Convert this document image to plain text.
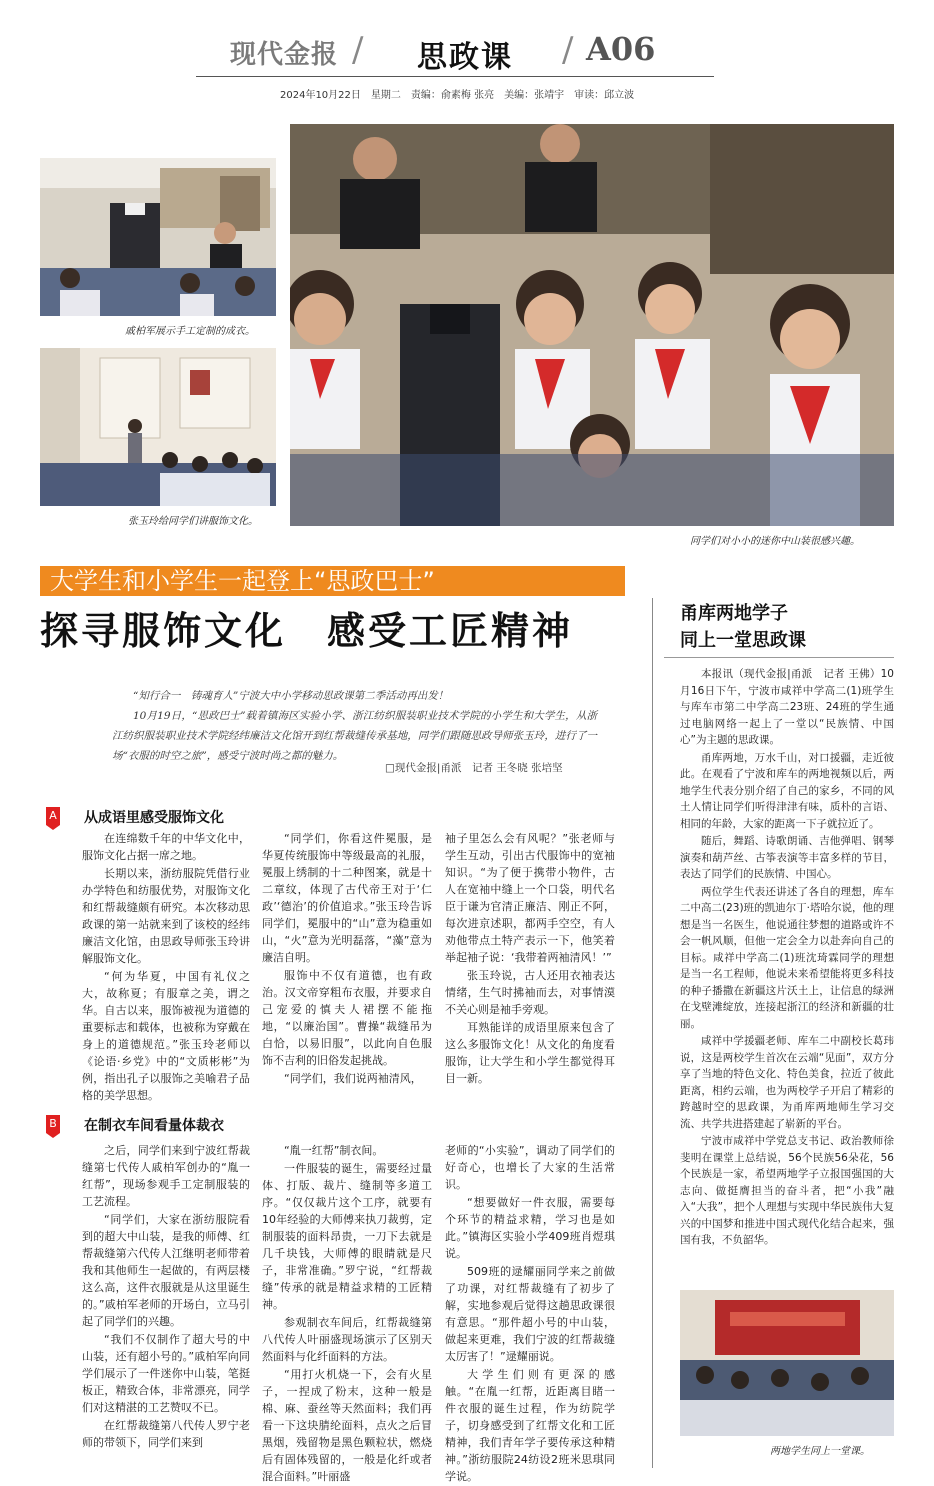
现代金报 / 思政课 / A06
2024年10月22日　星期二　责编：俞素梅 张亮　美编：张靖宇　审读：邱立波
戚柏军展示手工定制的成衣。
张玉玲给同学们讲服饰文化。
同学们对小小的迷你中山装很感兴趣。
大学生和小学生一起登上“思政巴士”
探寻服饰文化　感受工匠精神

“知行合一　铸魂育人”宁波大中小学移动思政课第二季活动再出发！

10月19日，“思政巴士”载着镇海区实验小学、浙江纺织服装职业技术学院的小学生和大学生，从浙江纺织服装职业技术学院经纬廉洁文化馆开到红帮裁缝传承基地，同学们跟随思政导师张玉玲，进行了一场“衣服的时空之旅”，感受宁波时尚之都的魅力。

□现代金报|甬派　记者 王冬晓 张培坚
A 从成语里感受服饰文化

在连绵数千年的中华文化中，服饰文化占据一席之地。

长期以来，浙纺服院凭借行业办学特色和纺服优势，对服饰文化和红帮裁缝颇有研究。本次移动思政课的第一站就来到了该校的经纬廉洁文化馆，由思政导师张玉玲讲解服饰文化。

“何为华夏，中国有礼仪之大，故称夏；有服章之美，谓之华。自古以来，服饰被视为道德的重要标志和载体，也被称为穿戴在身上的道德规范。”张玉玲老师以《论语·乡党》中的“文质彬彬”为例，指出孔子以服饰之美喻君子品格的美学思想。

“同学们，你看这件冕服，是华夏传统服饰中等级最高的礼服，冕服上绣制的十二种图案，就是十二章纹，体现了古代帝王对于‘仁政’‘德治’的价值追求。”张玉玲告诉同学们，冕服中的“山”意为稳重如山，“火”意为光明磊落，“藻”意为廉洁自明。

服饰中不仅有道德，也有政治。汉文帝穿粗布衣服，并要求自己宠爱的慎夫人裙摆不能拖地，“以廉治国”。曹操“裁缝吊为白恰，以易旧服”，以此向自色服饰不吉利的旧俗发起挑战。

“同学们，我们说两袖清风，

袖子里怎么会有风呢？”张老师与学生互动，引出古代服饰中的宽袖知识。“为了便于携带小物件，古人在宽袖中缝上一个口袋，明代名臣于谦为官清正廉洁、刚正不阿，每次进京述职，都两手空空，有人劝他带点土特产表示一下，他笑着举起袖子说：‘我带着两袖清风！’”

张玉玲说，古人还用衣袖表达情绪，生气时拂袖而去，对事情漠不关心则是袖手旁观。

耳熟能详的成语里原来包含了这么多服饰文化！从文化的角度看服饰，让大学生和小学生都觉得耳目一新。

B 在制衣车间看量体裁衣

之后，同学们来到宁波红帮裁缝第七代传人戚柏军创办的“胤一红帮”，现场参观手工定制服装的工艺流程。

“同学们，大家在浙纺服院看到的超大中山装，是我的师傅、红帮裁缝第六代传人江继明老师带着我和其他师生一起做的，有两层楼这么高，这件衣服就是从这里诞生的。”戚柏军老师的开场白，立马引起了同学们的兴趣。

“我们不仅制作了超大号的中山装，还有超小号的。”戚柏军向同学们展示了一件迷你中山装，笔挺板正，精致合体，非常漂亮，同学们对这精湛的工艺赞叹不已。

在红帮裁缝第八代传人罗宁老师的带领下，同学们来到

“胤一红帮”制衣间。

一件服装的诞生，需要经过量体、打版、裁片、缝制等多道工序。“仅仅裁片这个工序，就要有10年经验的大师傅来执刀裁剪，定制服装的面料昂贵，一刀下去就是几千块钱，大师傅的眼睛就是尺子，非常准确。”罗宁说，“红帮裁缝”传承的就是精益求精的工匠精神。

参观制衣车间后，红帮裁缝第八代传人叶丽盛现场演示了区别天然面料与化纤面料的方法。

“用打火机烧一下，会有火星子，一捏成了粉末，这种一般是棉、麻、蚕丝等天然面料；我们再看一下这块腈纶面料，点火之后冒黑烟，残留物是黑色颗粒状，燃烧后有固体残留的，一般是化纤或者混合面料。”叶丽盛

老师的“小实验”，调动了同学们的好奇心，也增长了大家的生活常识。

“想要做好一件衣服，需要每个环节的精益求精，学习也是如此。”镇海区实验小学409班肖煜琪说。

509班的逯耀丽同学来之前做了功课，对红帮裁缝有了初步了解，实地参观后觉得这趟思政课很有意思。“那件超小号的中山装，做起来更难，我们宁波的红帮裁缝太厉害了！”逯耀丽说。

大学生们则有更深的感触。“在胤一红帮，近距离目睹一件衣服的诞生过程，作为纺院学子，切身感受到了红帮文化和工匠精神，我们青年学子要传承这种精神。”浙纺服院24纺设2班米思琪同学说。

甬库两地学子
同上一堂思政课

本报讯（现代金报|甬派　记者 王佛）10月16日下午，宁波市咸祥中学高二(1)班学生与库车市第二中学高二23班、24班的学生通过电脑网络一起上了一堂以“民族情、中国心”为主题的思政课。

甬库两地，万水千山，对口援疆，走近彼此。在观看了宁波和库车的两地视频以后，两地学生代表分别介绍了自己的家乡，不同的风土人情让同学们听得津津有味，质朴的言语、相同的年龄，大家的距离一下子就拉近了。

随后，舞蹈、诗歌朗诵、吉他弹唱、钢琴演奏和葫芦丝、古筝表演等丰富多样的节目，表达了同学们的民族情、中国心。

两位学生代表还讲述了各自的理想，库车二中高二(23)班的凯迪尔丁·塔哈尔说，他的理想是当一名医生，他说通往梦想的道路或许不会一帆风顺，但他一定会全力以赴奔向自己的目标。咸祥中学高二(1)班沈琦霖同学的理想是当一名工程师，他说未来希望能将更多科技的种子播撒在新疆这片沃土上，让信息的绿洲在戈壁滩绽放，连接起浙江的经济和新疆的壮丽。

咸祥中学援疆老师、库车二中副校长葛玮说，这是两校学生首次在云端“见面”，双方分享了当地的特色文化、特色美食，拉近了彼此距离，相约云端，也为两校学子开启了精彩的跨越时空的思政课，为甬库两地师生学习交流、共学共进搭建起了崭新的平台。

宁波市咸祥中学党总支书记、政治教师徐斐明在课堂上总结说，56个民族56朵花，56个民族是一家，希望两地学子立报国强国的大志向、做挺膺担当的奋斗者，把“小我”融入“大我”，把个人理想与实现中华民族伟大复兴的中国梦和推进中国式现代化结合起来，强国有我，不负韶华。

两地学生同上一堂课。
